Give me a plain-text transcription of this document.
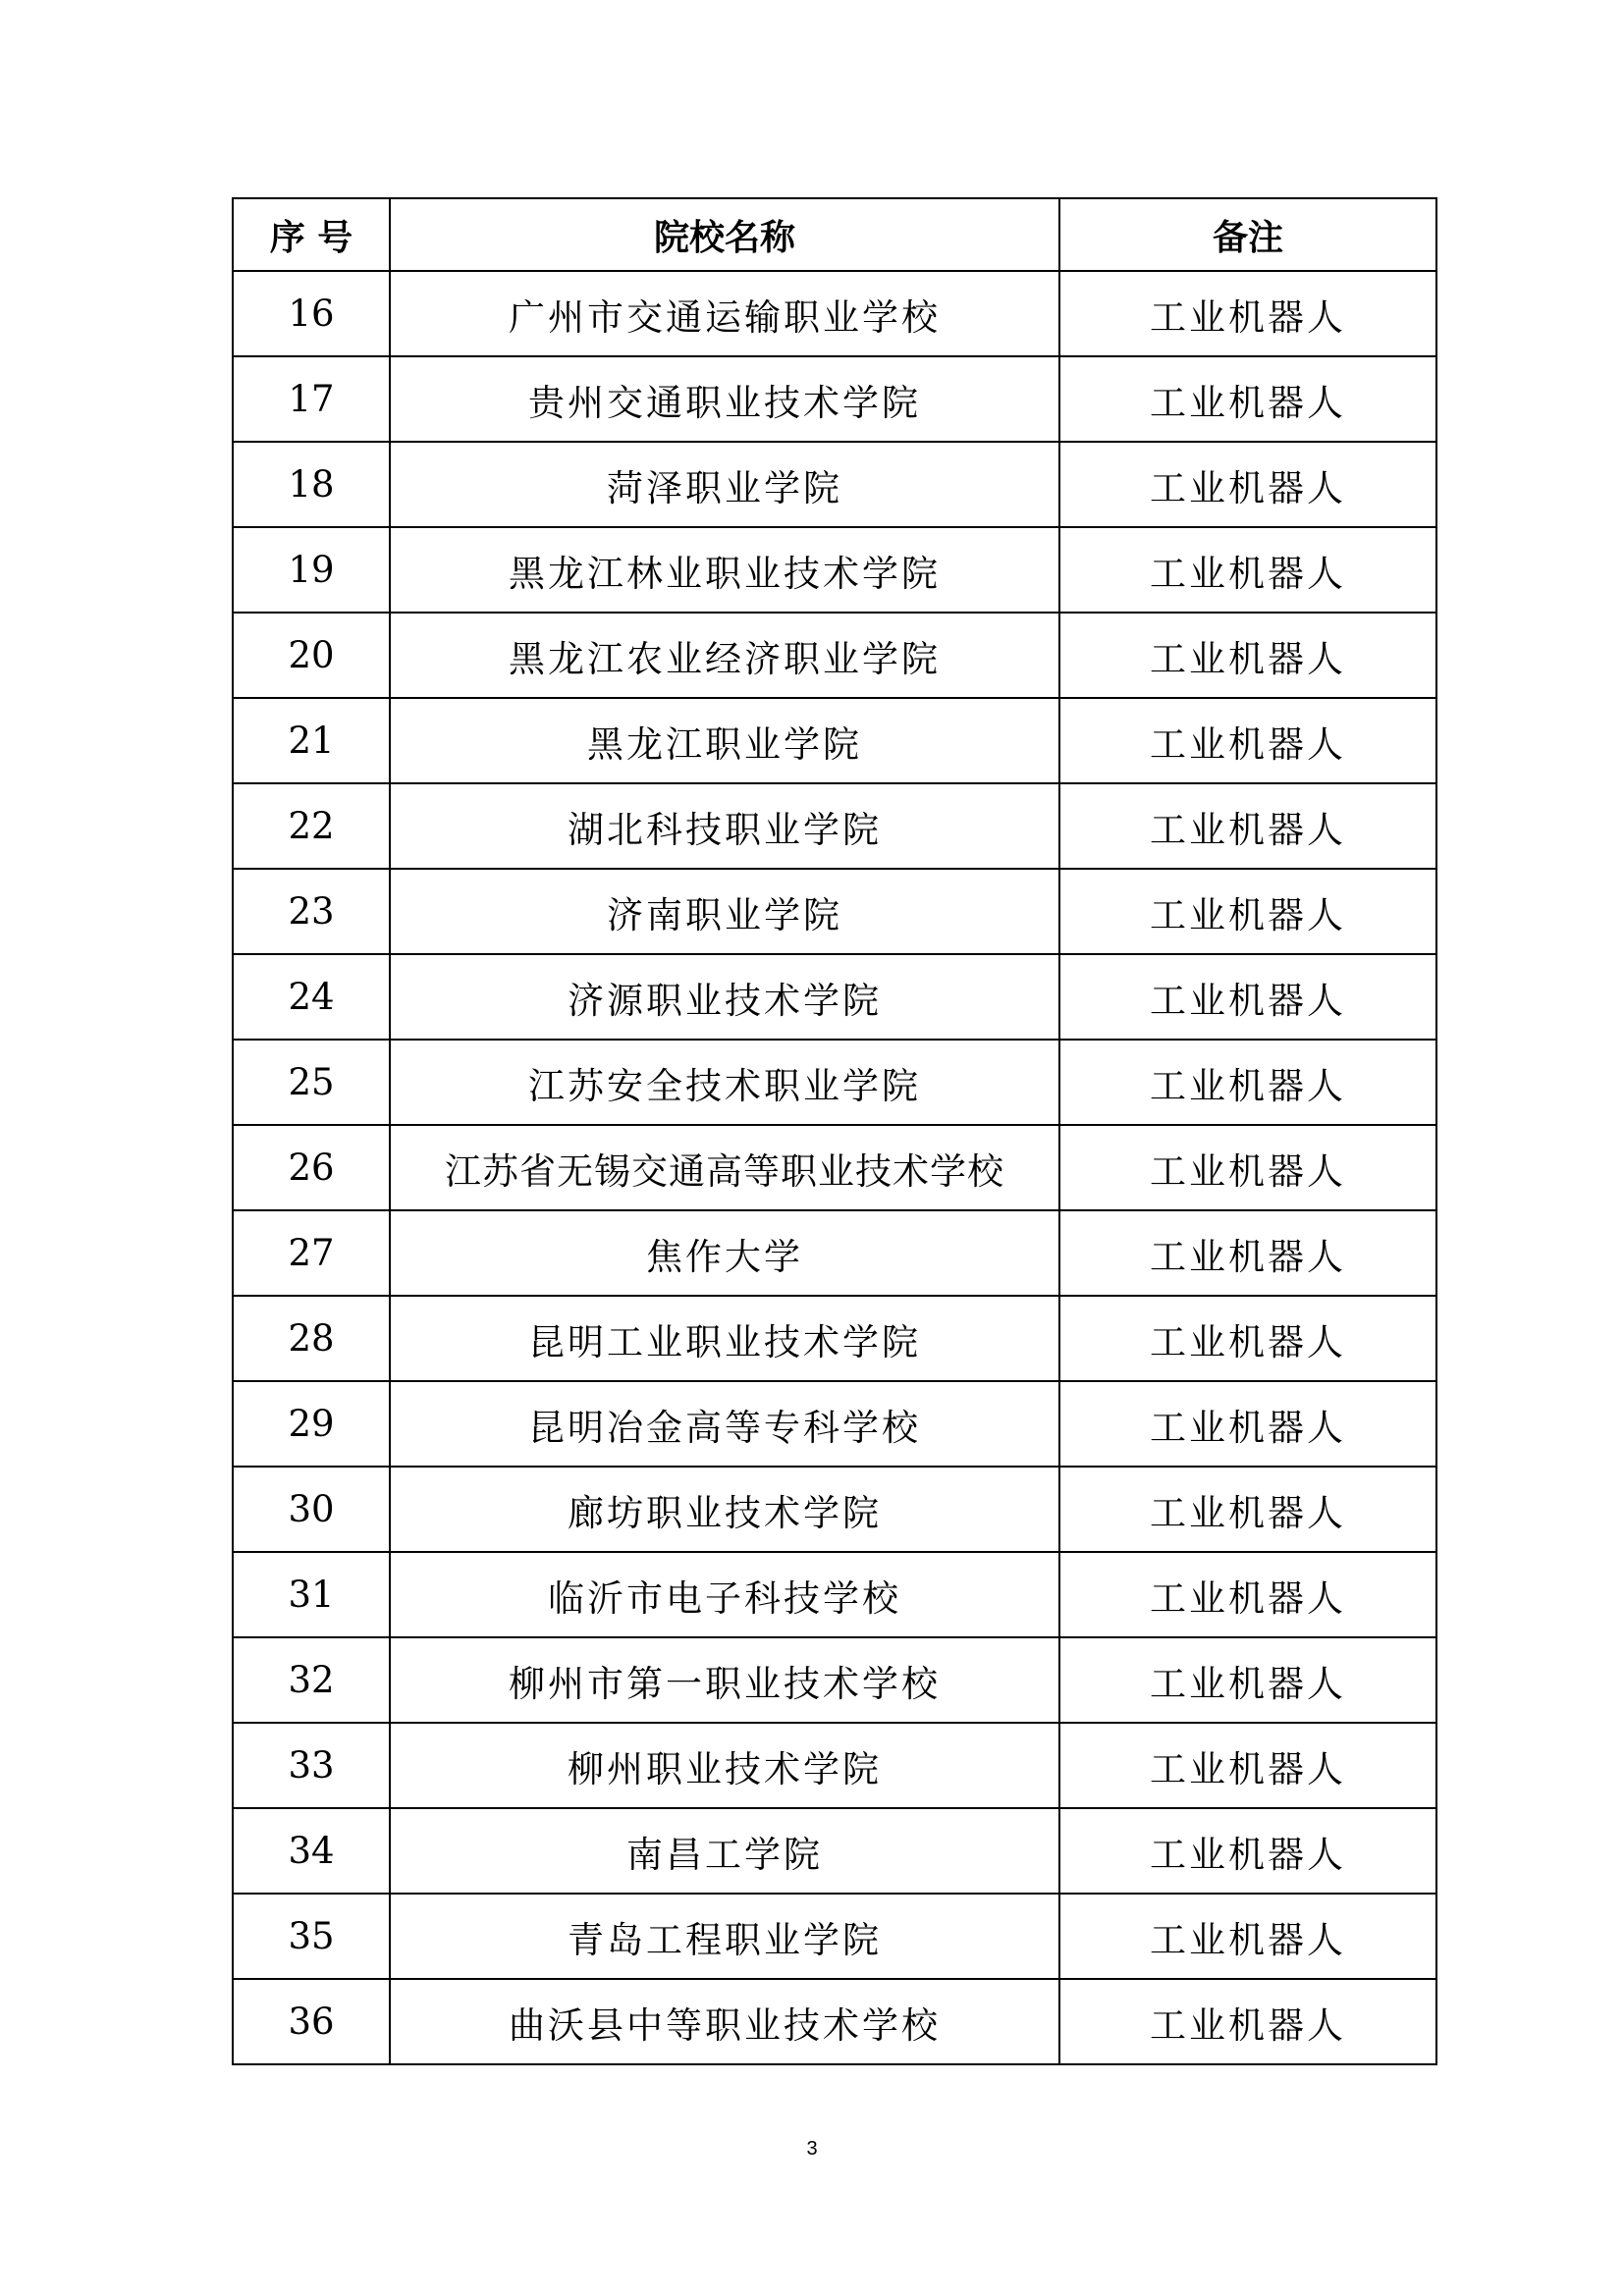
序 号	院校名称	备注
16	广州市交通运输职业学校	工业机器人
17	贵州交通职业技术学院	工业机器人
18	菏泽职业学院	工业机器人
19	黑龙江林业职业技术学院	工业机器人
20	黑龙江农业经济职业学院	工业机器人
21	黑龙江职业学院	工业机器人
22	湖北科技职业学院	工业机器人
23	济南职业学院	工业机器人
24	济源职业技术学院	工业机器人
25	江苏安全技术职业学院	工业机器人
26	江苏省无锡交通高等职业技术学校	工业机器人
27	焦作大学	工业机器人
28	昆明工业职业技术学院	工业机器人
29	昆明冶金高等专科学校	工业机器人
30	廊坊职业技术学院	工业机器人
31	临沂市电子科技学校	工业机器人
32	柳州市第一职业技术学校	工业机器人
33	柳州职业技术学院	工业机器人
34	南昌工学院	工业机器人
35	青岛工程职业学院	工业机器人
36	曲沃县中等职业技术学校	工业机器人
3
